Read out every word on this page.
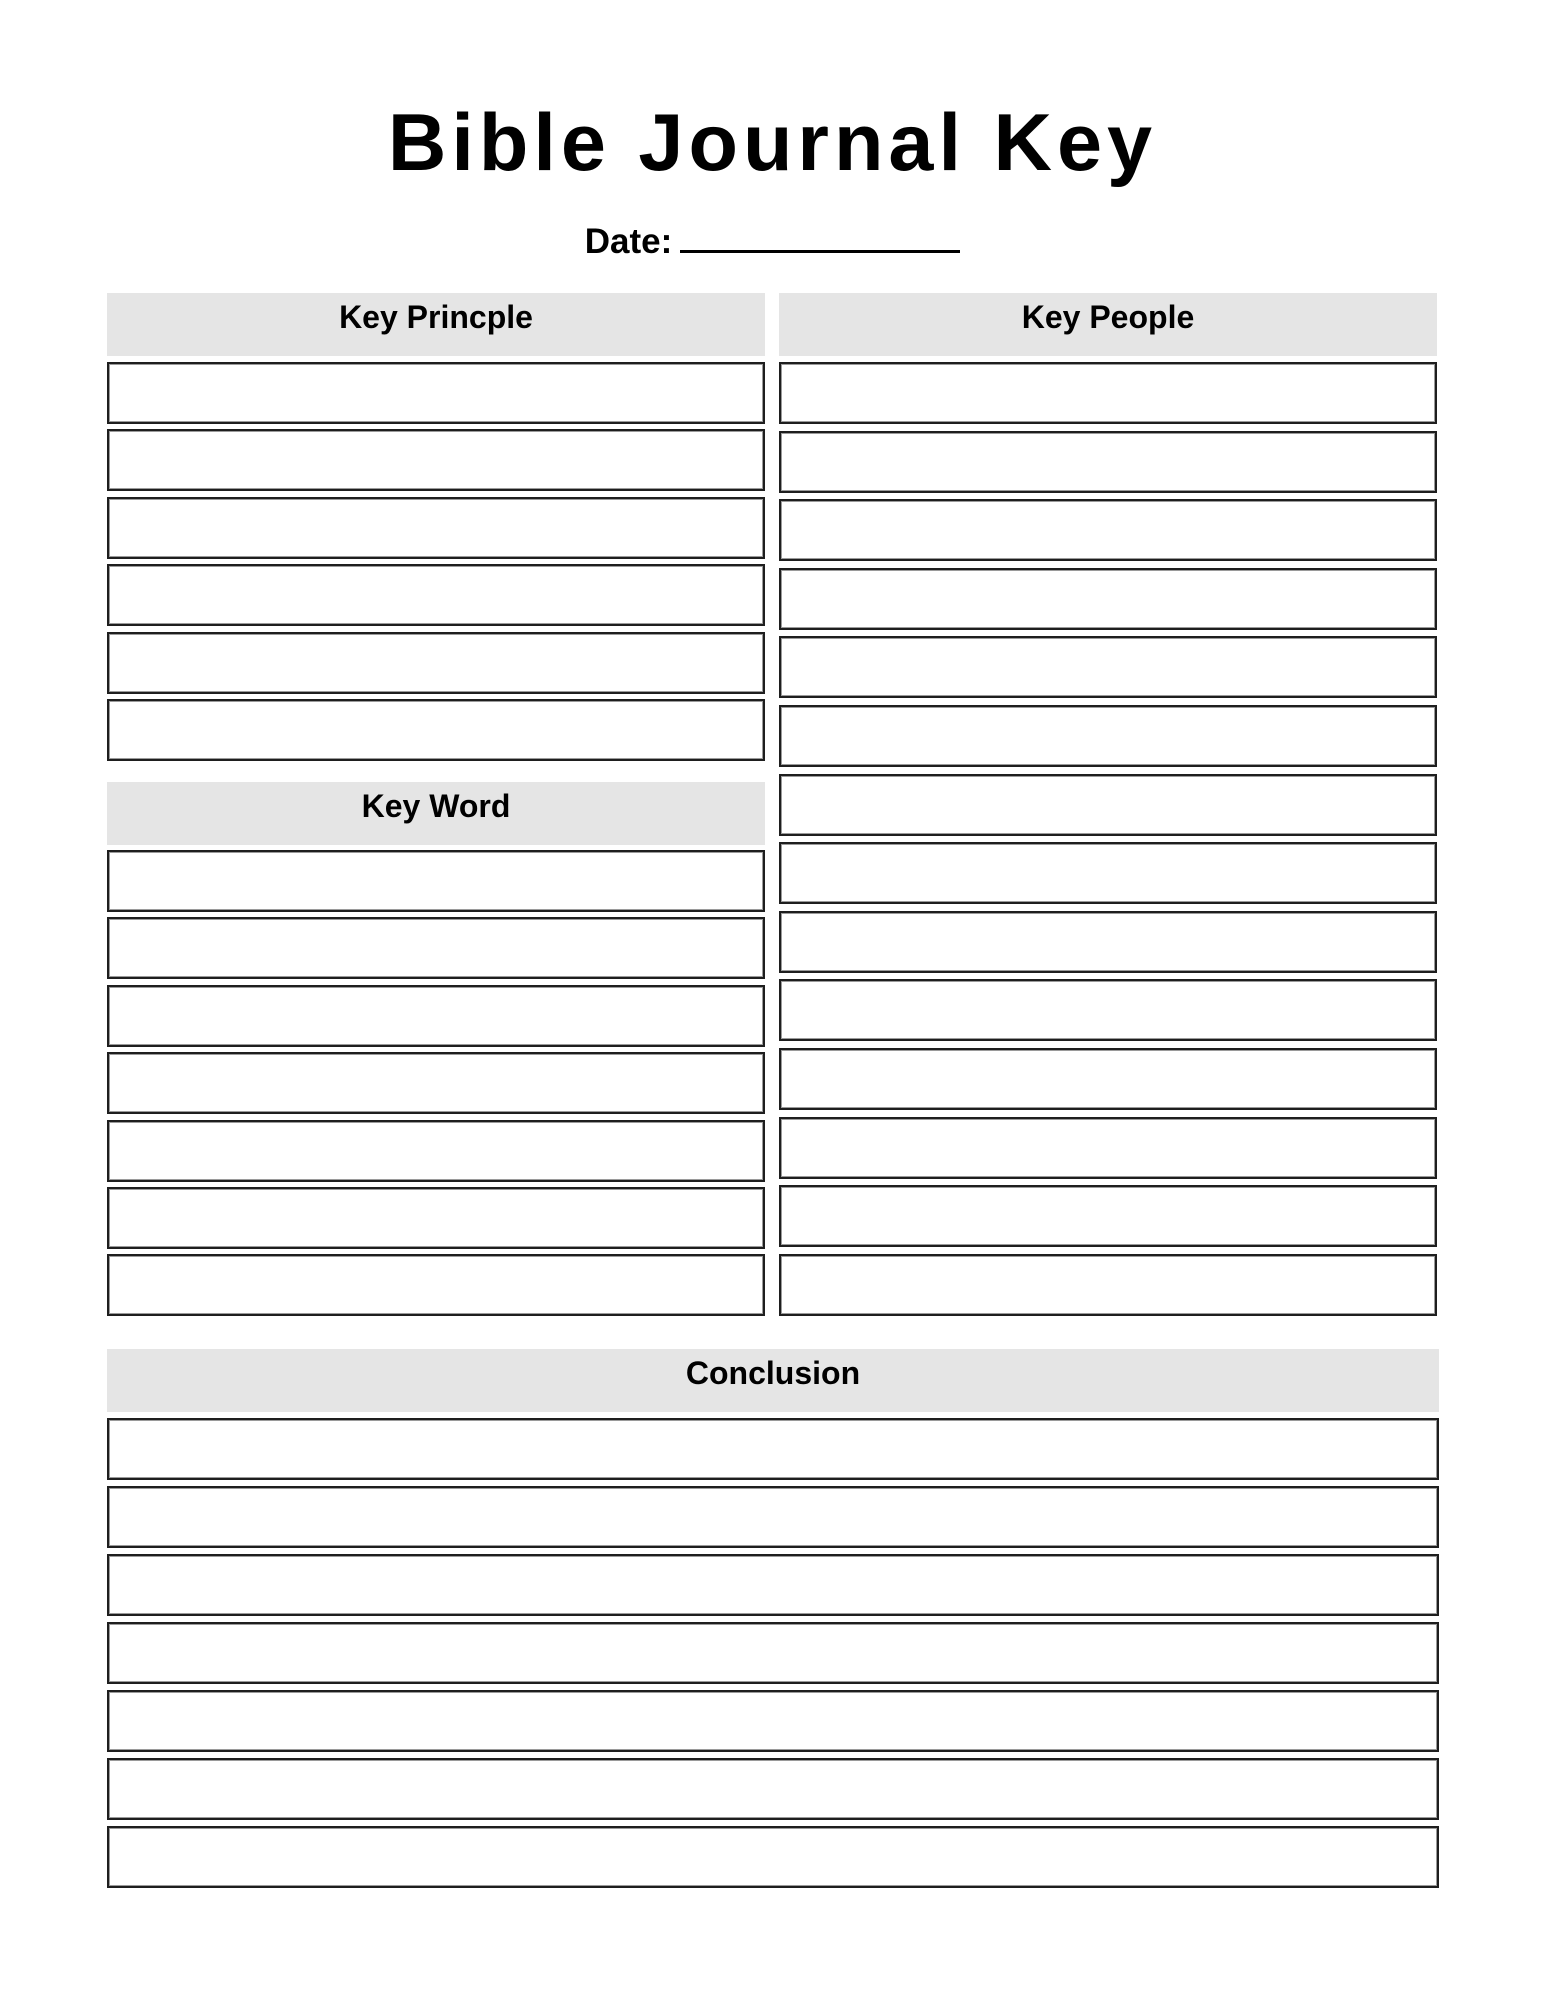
Bible Journal Key
Date:
Key Princple	Key People
Key Word
Conclusion
